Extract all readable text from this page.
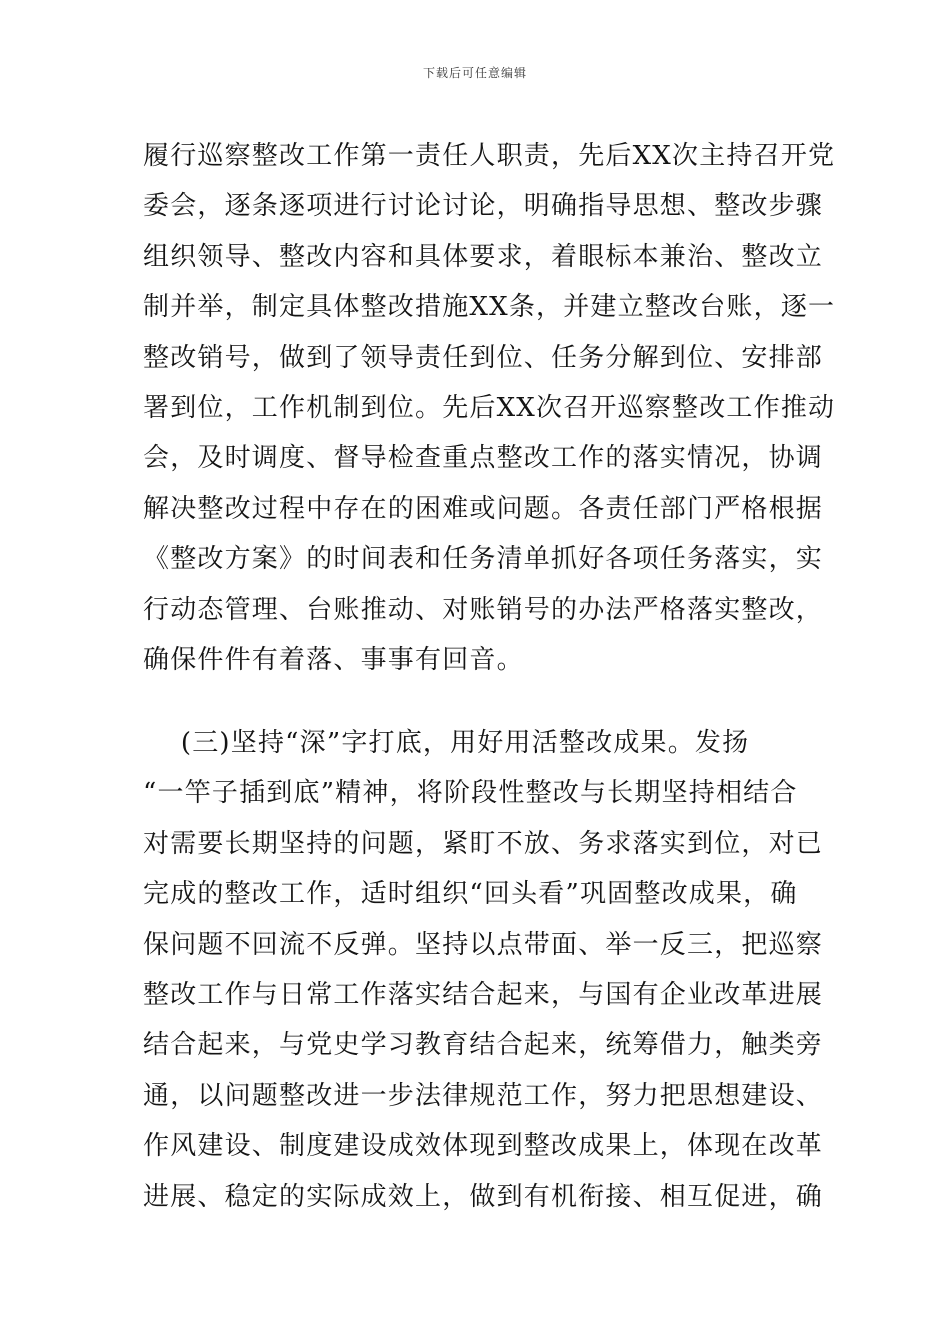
下载后可任意编辑
履行巡察整改工作第一责任人职责，先后XX次主持召开党
委会，逐条逐项进行讨论讨论，明确指导思想、整改步骤
组织领导、整改内容和具体要求，着眼标本兼治、整改立
制并举，制定具体整改措施XX条，并建立整改台账，逐一
整改销号，做到了领导责任到位、任务分解到位、安排部
署到位，工作机制到位。先后XX次召开巡察整改工作推动
会，及时调度、督导检查重点整改工作的落实情况，协调
解决整改过程中存在的困难或问题。各责任部门严格根据
《整改方案》的时间表和任务清单抓好各项任务落实，实
行动态管理、台账推动、对账销号的办法严格落实整改，
确保件件有着落、事事有回音。
(三)坚持“深”字打底，用好用活整改成果。发扬
“一竿子插到底”精神，将阶段性整改与长期坚持相结合
对需要长期坚持的问题，紧盯不放、务求落实到位，对已
完成的整改工作，适时组织“回头看”巩固整改成果，确
保问题不回流不反弹。坚持以点带面、举一反三，把巡察
整改工作与日常工作落实结合起来，与国有企业改革进展
结合起来，与党史学习教育结合起来，统筹借力，触类旁
通，以问题整改进一步法律规范工作，努力把思想建设、
作风建设、制度建设成效体现到整改成果上，体现在改革
进展、稳定的实际成效上，做到有机衔接、相互促进，确
